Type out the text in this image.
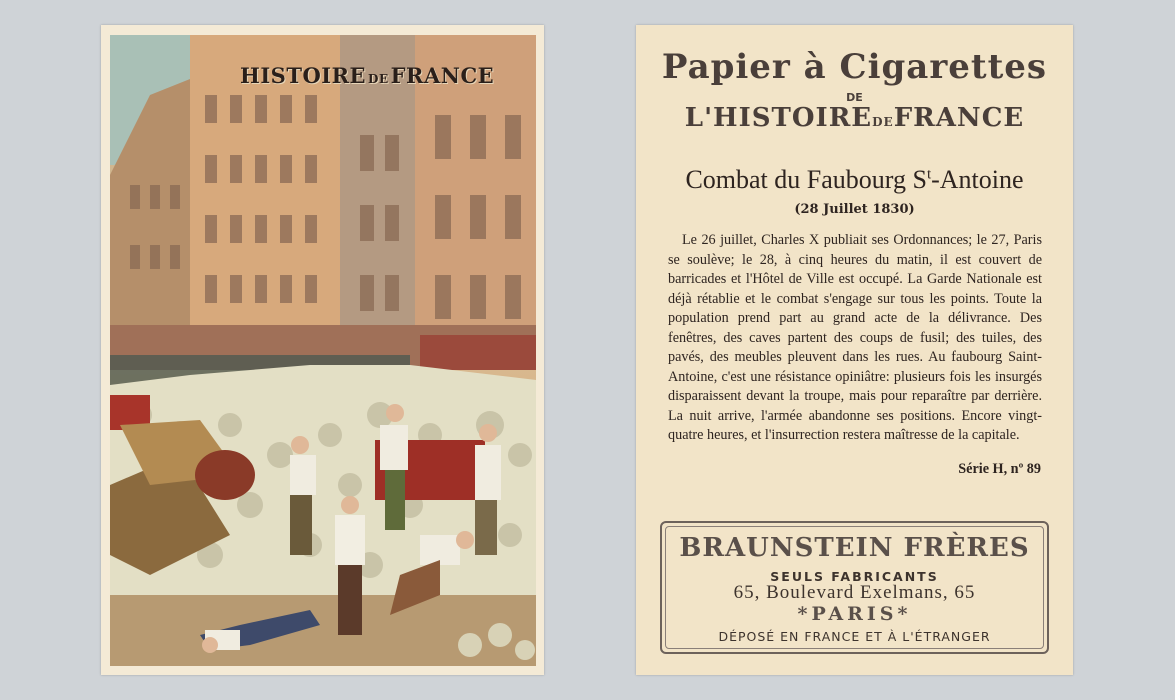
HISTOIRE DEFRANCE	Papier à Cigarettes
DE
L'HISTOIREDEFRANCE
Combat du Faubourg $S^t$-Antoine
(28 Juillet 1830)

Le 26 juillet, Charles X publiait ses Ordonnances; le 27, Paris se soulève; le 28, à cinq heures du matin, il est couvert de barricades et l'Hôtel de Ville est occupé. La Garde Nationale est déjà rétablie et le combat s'engage sur tous les points. Toute la population prend part au grand acte de la délivrance. Des fenêtres, des caves partent des coups de fusil; des tuiles, des pavés, des meubles pleuvent dans les rues. Au faubourg Saint-Antoine, c'est une résistance opiniâtre: plusieurs fois les insurgés disparaissent devant la troupe, mais pour reparaître par derrière. La nuit arrive, l'armée abandonne ses positions. Encore vingt-quatre heures, et l'insurrection restera maîtresse de la capitale.

Série H, nº 89
BRAUNSTEIN FRÈRES
SEULS FABRICANTS
65, Boulevard Exelmans, 65
*PARIS*
DÉPOSÉ EN FRANCE ET À L'ÉTRANGER
